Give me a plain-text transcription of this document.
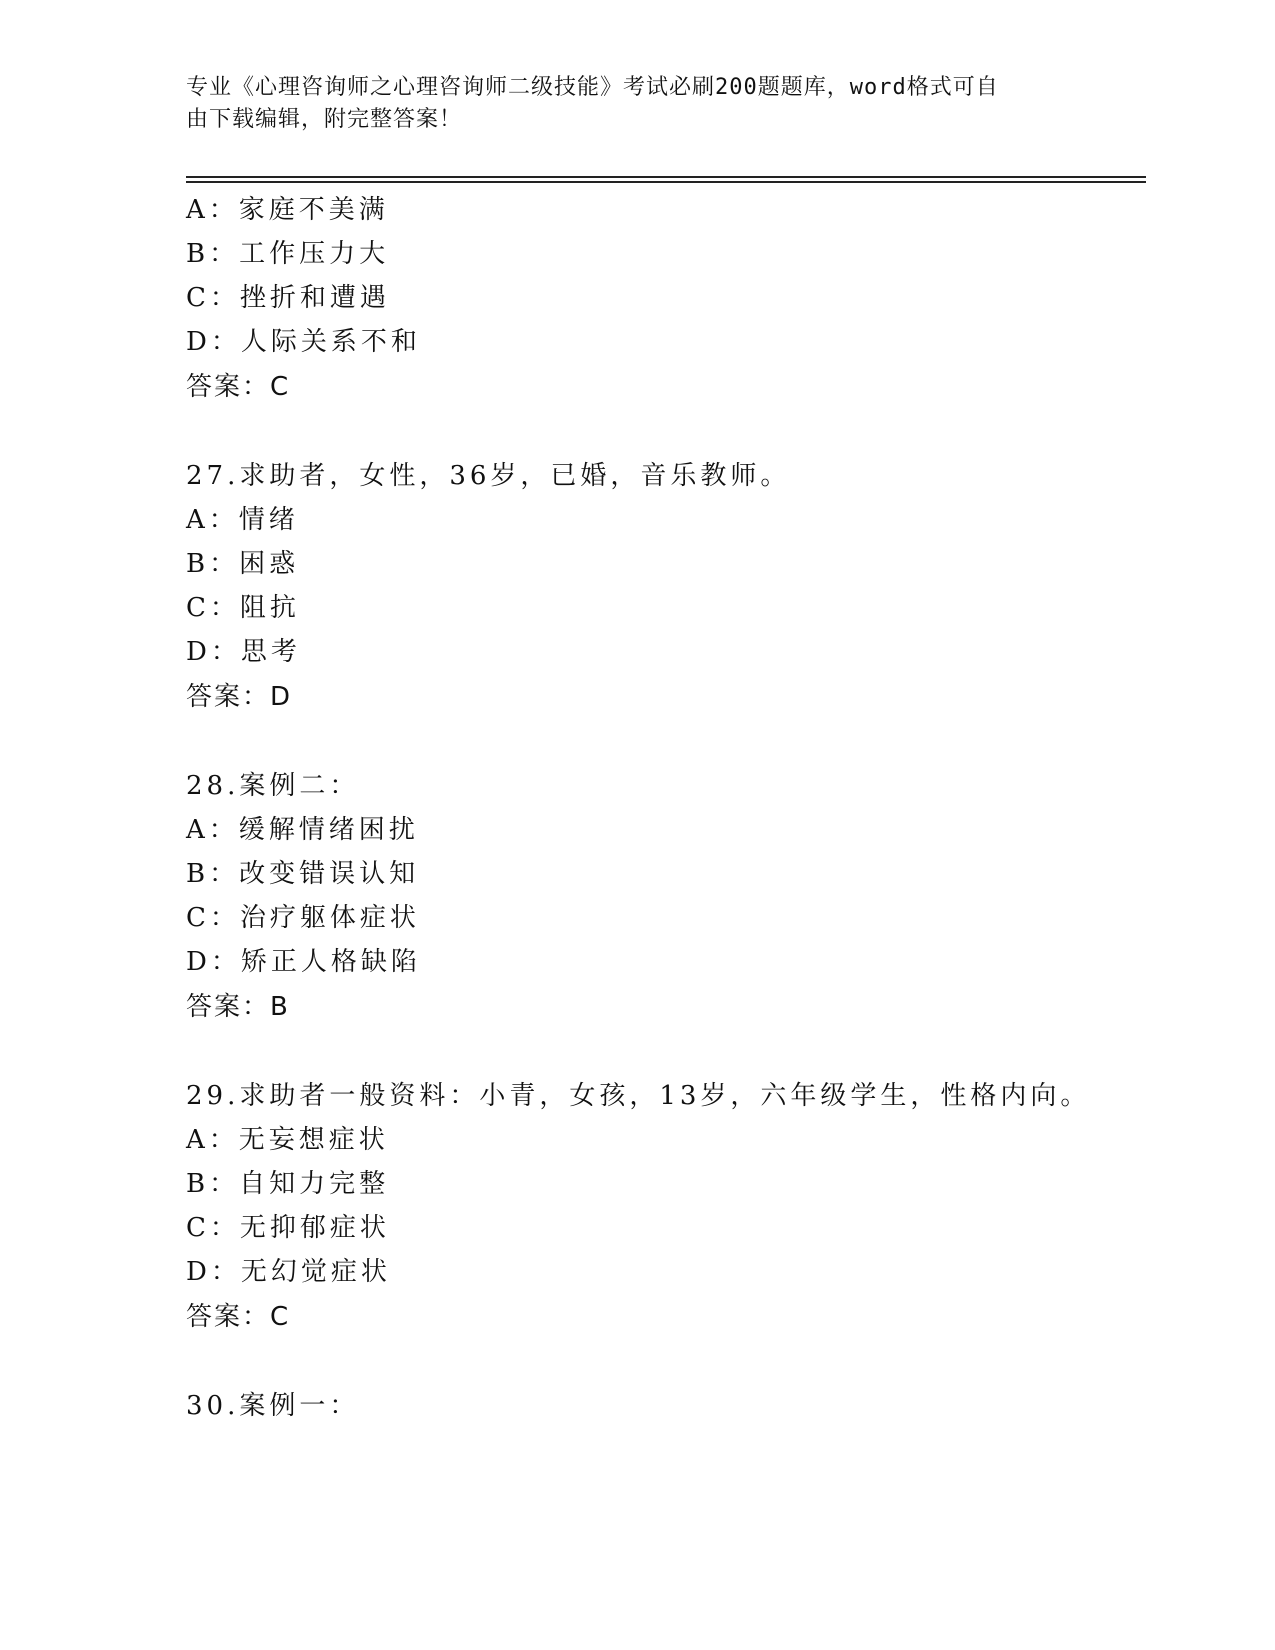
专业《心理咨询师之心理咨询师二级技能》考试必刷200题题库，word格式可自
由下载编辑，附完整答案！
A：家庭不美满
B：工作压力大
C：挫折和遭遇
D：人际关系不和
答案：C
27.求助者，女性，36岁，已婚，音乐教师。
A：情绪
B：困惑
C：阻抗
D：思考
答案：D
28.案例二：
A：缓解情绪困扰
B：改变错误认知
C：治疗躯体症状
D：矫正人格缺陷
答案：B
29.求助者一般资料：小青，女孩，13岁，六年级学生，性格内向。
A：无妄想症状
B：自知力完整
C：无抑郁症状
D：无幻觉症状
答案：C
30.案例一：
